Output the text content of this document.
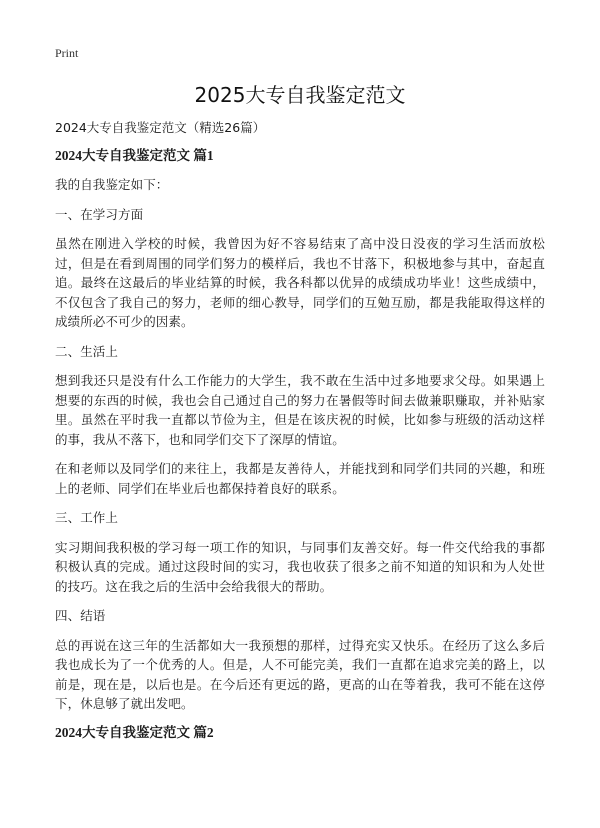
Print
2025大专自我鉴定范文
2024大专自我鉴定范文（精选26篇）
2024大专自我鉴定范文 篇1
我的自我鉴定如下：
一、在学习方面
虽然在刚进入学校的时候，我曾因为好不容易结束了高中没日没夜的学习生活而放松过，但是在看到周围的同学们努力的模样后，我也不甘落下，积极地参与其中，奋起直追。最终在这最后的毕业结算的时候，我各科都以优异的成绩成功毕业！这些成绩中，不仅包含了我自己的努力，老师的细心教导，同学们的互勉互励，都是我能取得这样的成绩所必不可少的因素。
二、生活上
想到我还只是没有什么工作能力的大学生，我不敢在生活中过多地要求父母。如果遇上想要的东西的时候，我也会自己通过自己的努力在暑假等时间去做兼职赚取，并补贴家里。虽然在平时我一直都以节俭为主，但是在该庆祝的时候，比如参与班级的活动这样的事，我从不落下，也和同学们交下了深厚的情谊。
在和老师以及同学们的来往上，我都是友善待人，并能找到和同学们共同的兴趣，和班上的老师、同学们在毕业后也都保持着良好的联系。
三、工作上
实习期间我积极的学习每一项工作的知识，与同事们友善交好。每一件交代给我的事都积极认真的完成。通过这段时间的实习，我也收获了很多之前不知道的知识和为人处世的技巧。这在我之后的生活中会给我很大的帮助。
四、结语
总的再说在这三年的生活都如大一我预想的那样，过得充实又快乐。在经历了这么多后我也成长为了一个优秀的人。但是，人不可能完美，我们一直都在追求完美的路上，以前是，现在是，以后也是。在今后还有更远的路，更高的山在等着我，我可不能在这停下，休息够了就出发吧。
2024大专自我鉴定范文 篇2
